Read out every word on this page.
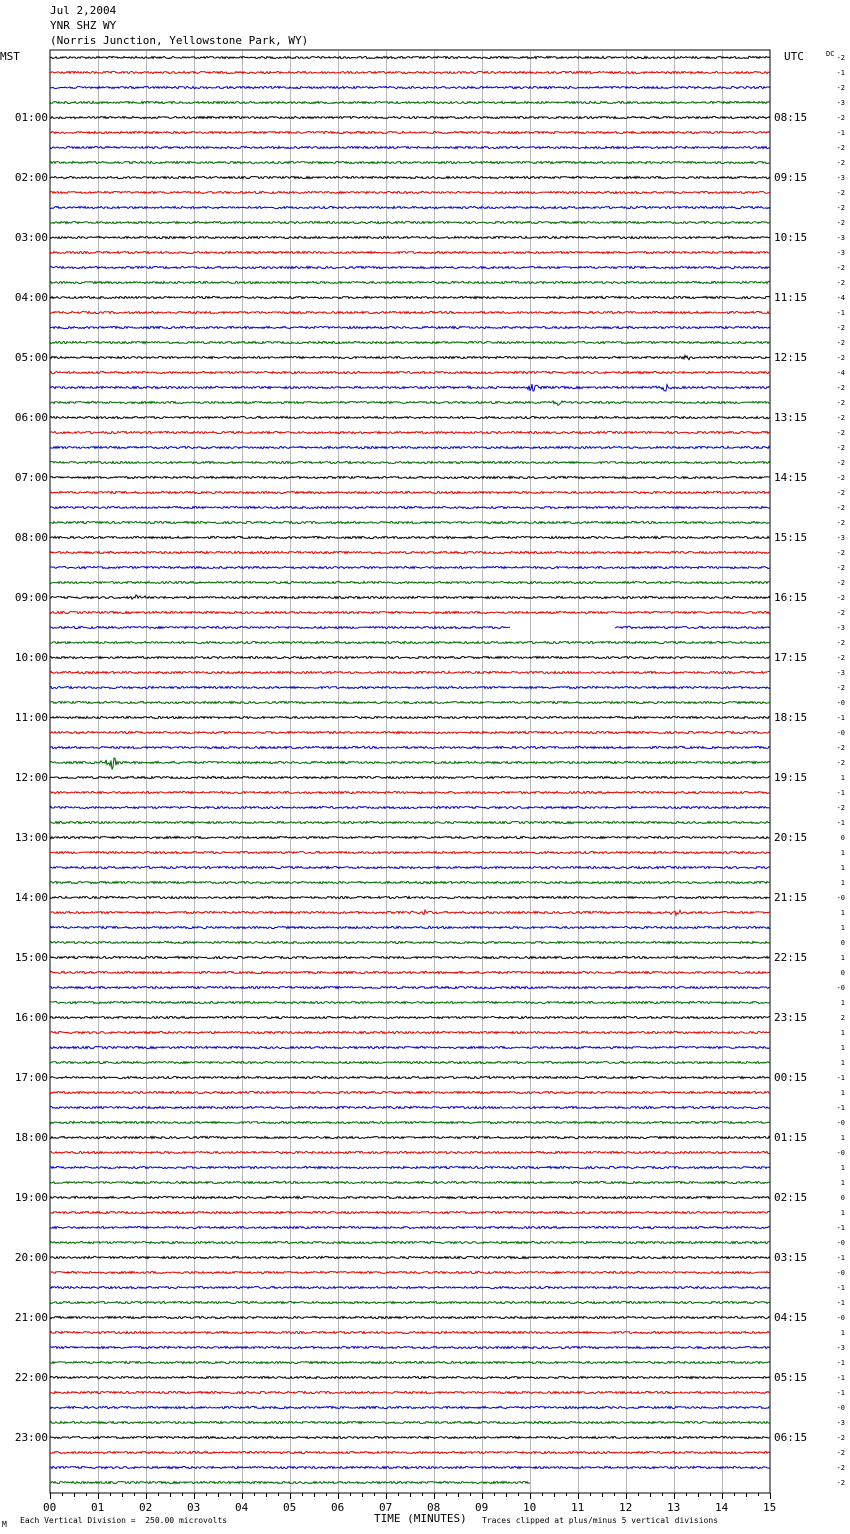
Jul 2,2004
YNR SHZ WY
(Norris Junction, Yellowstone Park, WY)
MST	UTC	DC
01:00	08:15
02:00	09:15
03:00	10:15
04:00	11:15
05:00	12:15
06:00	13:15
07:00	14:15
08:00	15:15
09:00	16:15
10:00	17:15
11:00	18:15
12:00	19:15
13:00	20:15
14:00	21:15
15:00	22:15
16:00	23:15
17:00	00:15
18:00	01:15
19:00	02:15
20:00	03:15
21:00	04:15
22:00	05:15
23:00	06:15
-2
-1
-2
-3
-2
-1
-2
-2
-3
-2
-2
-2
-3
-3
-2
-2
-4
-1
-2
-2
-2
-4
-2
-2
-2
-2
-2
-2
-2
-2
-2
-2
-3
-2
-2
-2
-2
-2
-3
-2
-2
-3
-2
-0
-1
-0
-2
-2
1
-1
-2
-1
0
1
1
1
-0
1
1
0
1
0
-0
1
2
1
1
1
-1
1
-1
-0
1
-0
1
1
0
1
-1
-0
-1
-0
-1
-1
-0
1
-3
-1
-1
-1
-0
-3
-2
-2
-2
-2
00	01	02	03	04	05	06	07	08	09	10	11	12	13	14	15
M Each Vertical Division =  250.00 microvolts	TIME (MINUTES) Traces clipped at plus/minus 5 vertical divisions
